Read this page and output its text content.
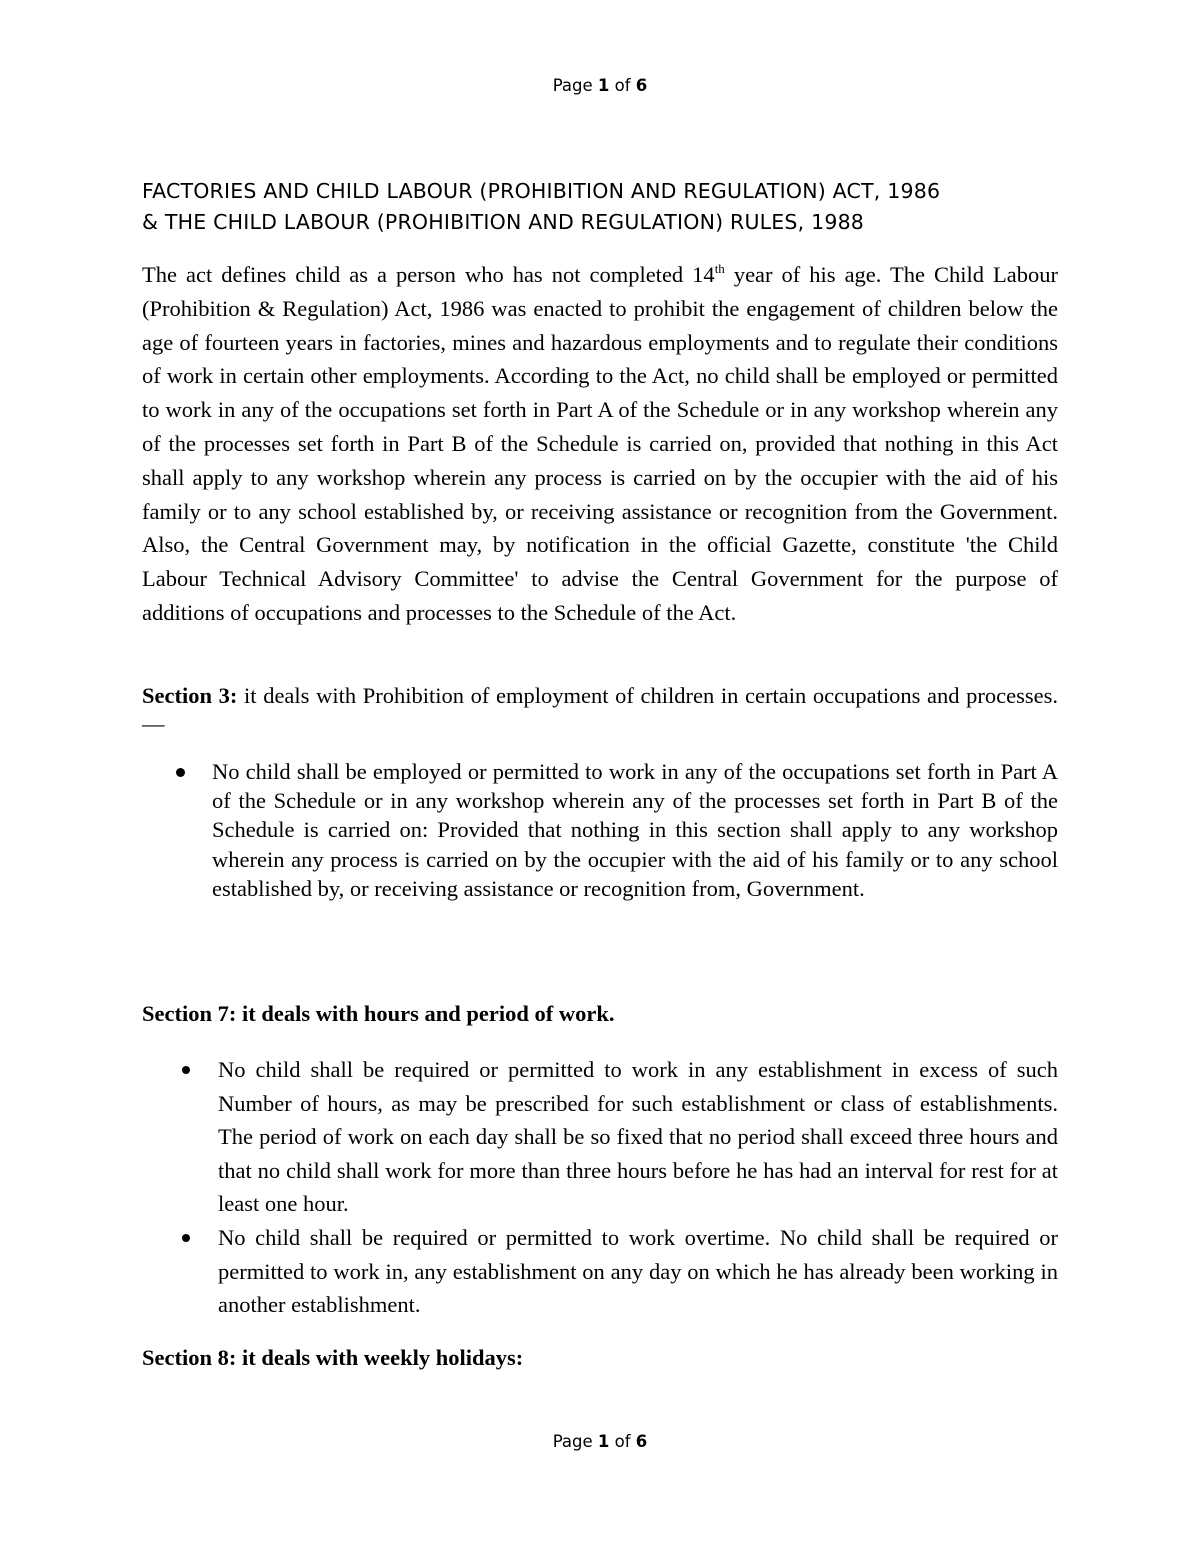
Page 1 of 6
FACTORIES AND CHILD LABOUR (PROHIBITION AND REGULATION) ACT, 1986
& THE CHILD LABOUR (PROHIBITION AND REGULATION) RULES, 1988
The act defines child as a person who has not completed 14th year of his age. The Child Labour (Prohibition & Regulation) Act, 1986 was enacted to prohibit the engagement of children below the age of fourteen years in factories, mines and hazardous employments and to regulate their conditions of work in certain other employments. According to the Act, no child shall be employed or permitted to work in any of the occupations set forth in Part A of the Schedule or in any workshop wherein any of the processes set forth in Part B of the Schedule is carried on, provided that nothing in this Act shall apply to any workshop wherein any process is carried on by the occupier with the aid of his family or to any school established by, or receiving assistance or recognition from the Government. Also, the Central Government may, by notification in the official Gazette, constitute 'the Child Labour Technical Advisory Committee' to advise the Central Government for the purpose of additions of occupations and processes to the Schedule of the Act.
Section 3: it deals with Prohibition of employment of children in certain occupations and processes. —
No child shall be employed or permitted to work in any of the occupations set forth in Part A of the Schedule or in any workshop wherein any of the processes set forth in Part B of the Schedule is carried on: Provided that nothing in this section shall apply to any workshop wherein any process is carried on by the occupier with the aid of his family or to any school established by, or receiving assistance or recognition from, Government.
Section 7: it deals with hours and period of work.
No child shall be required or permitted to work in any establishment in excess of such Number of hours, as may be prescribed for such establishment or class of establishments. The period of work on each day shall be so fixed that no period shall exceed three hours and that no child shall work for more than three hours before he has had an interval for rest for at least one hour.
No child shall be required or permitted to work overtime. No child shall be required or permitted to work in, any establishment on any day on which he has already been working in another establishment.
Section 8: it deals with weekly holidays:
Page 1 of 6
